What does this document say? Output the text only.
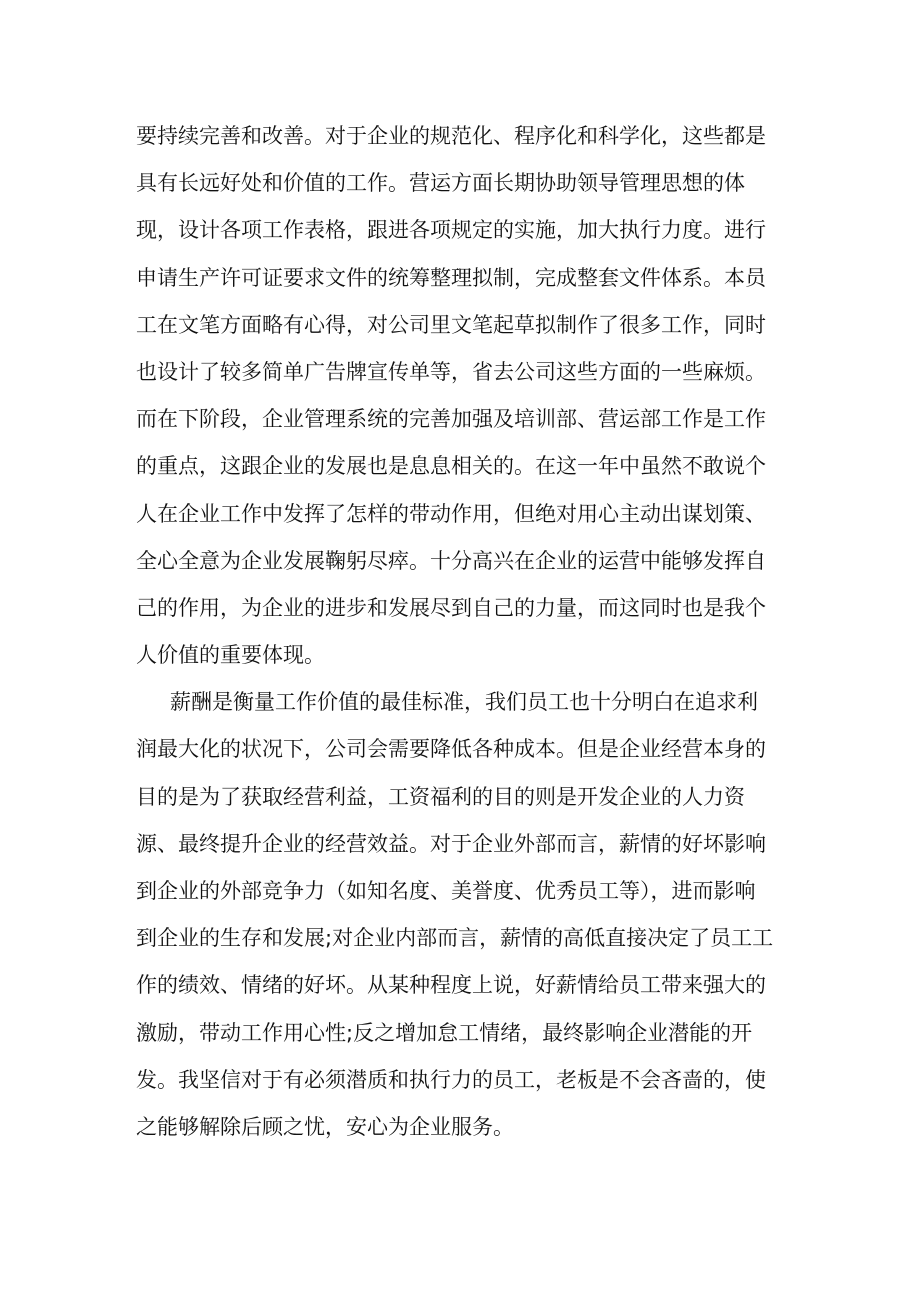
要持续完善和改善。对于企业的规范化、程序化和科学化，这些都是
具有长远好处和价值的工作。营运方面长期协助领导管理思想的体
现，设计各项工作表格，跟进各项规定的实施，加大执行力度。进行
申请生产许可证要求文件的统筹整理拟制，完成整套文件体系。本员
工在文笔方面略有心得，对公司里文笔起草拟制作了很多工作，同时
也设计了较多简单广告牌宣传单等，省去公司这些方面的一些麻烦。
而在下阶段，企业管理系统的完善加强及培训部、营运部工作是工作
的重点，这跟企业的发展也是息息相关的。在这一年中虽然不敢说个
人在企业工作中发挥了怎样的带动作用，但绝对用心主动出谋划策、
全心全意为企业发展鞠躬尽瘁。十分高兴在企业的运营中能够发挥自
己的作用，为企业的进步和发展尽到自己的力量，而这同时也是我个
人价值的重要体现。
薪酬是衡量工作价值的最佳标准，我们员工也十分明白在追求利
润最大化的状况下，公司会需要降低各种成本。但是企业经营本身的
目的是为了获取经营利益，工资福利的目的则是开发企业的人力资
源、最终提升企业的经营效益。对于企业外部而言，薪情的好坏影响
到企业的外部竞争力（如知名度、美誉度、优秀员工等），进而影响
到企业的生存和发展;对企业内部而言，薪情的高低直接决定了员工工
作的绩效、情绪的好坏。从某种程度上说，好薪情给员工带来强大的
激励，带动工作用心性;反之增加怠工情绪，最终影响企业潜能的开
发。我坚信对于有必须潜质和执行力的员工，老板是不会吝啬的，使
之能够解除后顾之忧，安心为企业服务。
